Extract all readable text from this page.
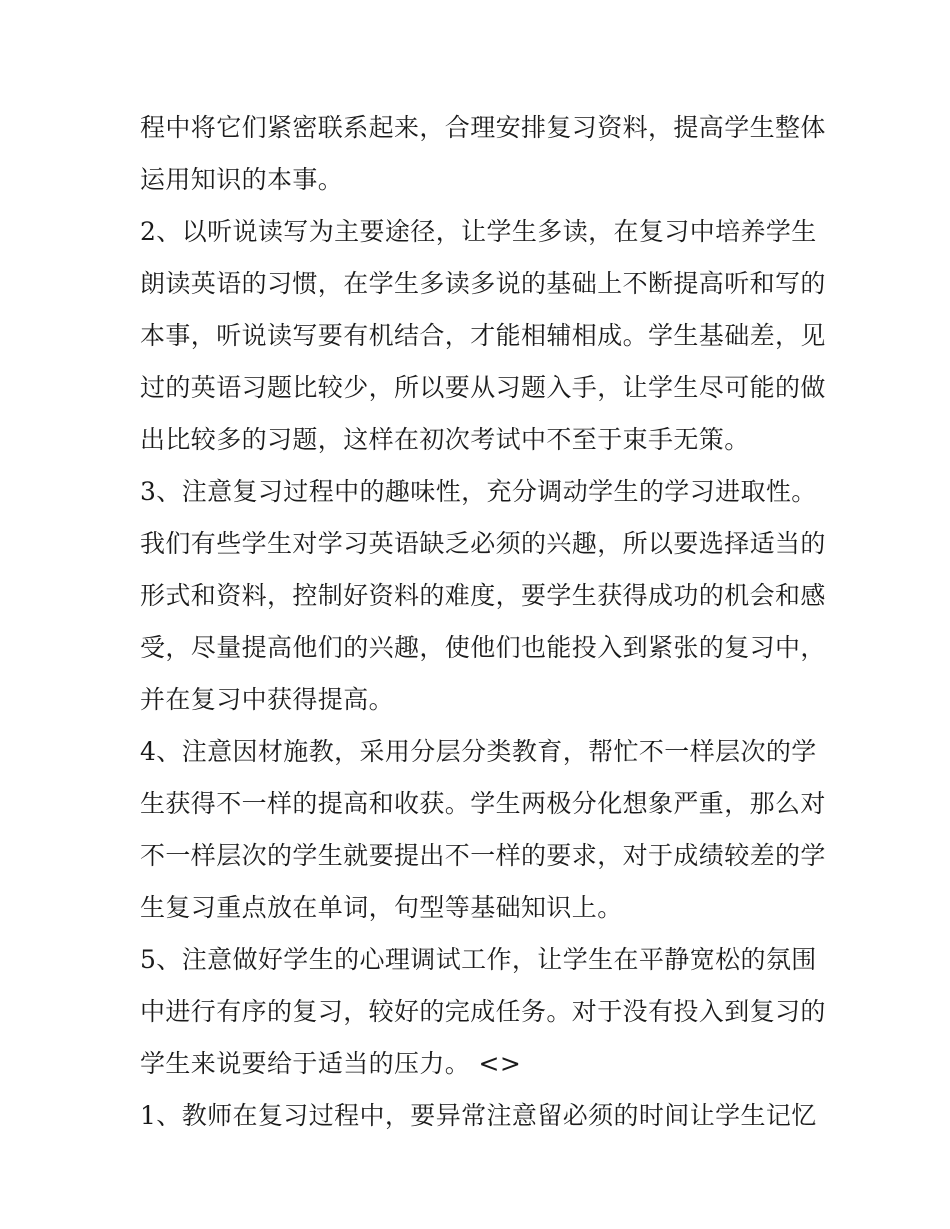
程中将它们紧密联系起来，合理安排复习资料，提高学生整体
运用知识的本事。
2、以听说读写为主要途径，让学生多读，在复习中培养学生
朗读英语的习惯，在学生多读多说的基础上不断提高听和写的
本事，听说读写要有机结合，才能相辅相成。学生基础差，见
过的英语习题比较少，所以要从习题入手，让学生尽可能的做
出比较多的习题，这样在初次考试中不至于束手无策。
3、注意复习过程中的趣味性，充分调动学生的学习进取性。
我们有些学生对学习英语缺乏必须的兴趣，所以要选择适当的
形式和资料，控制好资料的难度，要学生获得成功的机会和感
受，尽量提高他们的兴趣，使他们也能投入到紧张的复习中，
并在复习中获得提高。
4、注意因材施教，采用分层分类教育，帮忙不一样层次的学
生获得不一样的提高和收获。学生两极分化想象严重，那么对
不一样层次的学生就要提出不一样的要求，对于成绩较差的学
生复习重点放在单词，句型等基础知识上。
5、注意做好学生的心理调试工作，让学生在平静宽松的氛围
中进行有序的复习，较好的完成任务。对于没有投入到复习的
学生来说要给于适当的压力。 <>
1、教师在复习过程中，要异常注意留必须的时间让学生记忆
